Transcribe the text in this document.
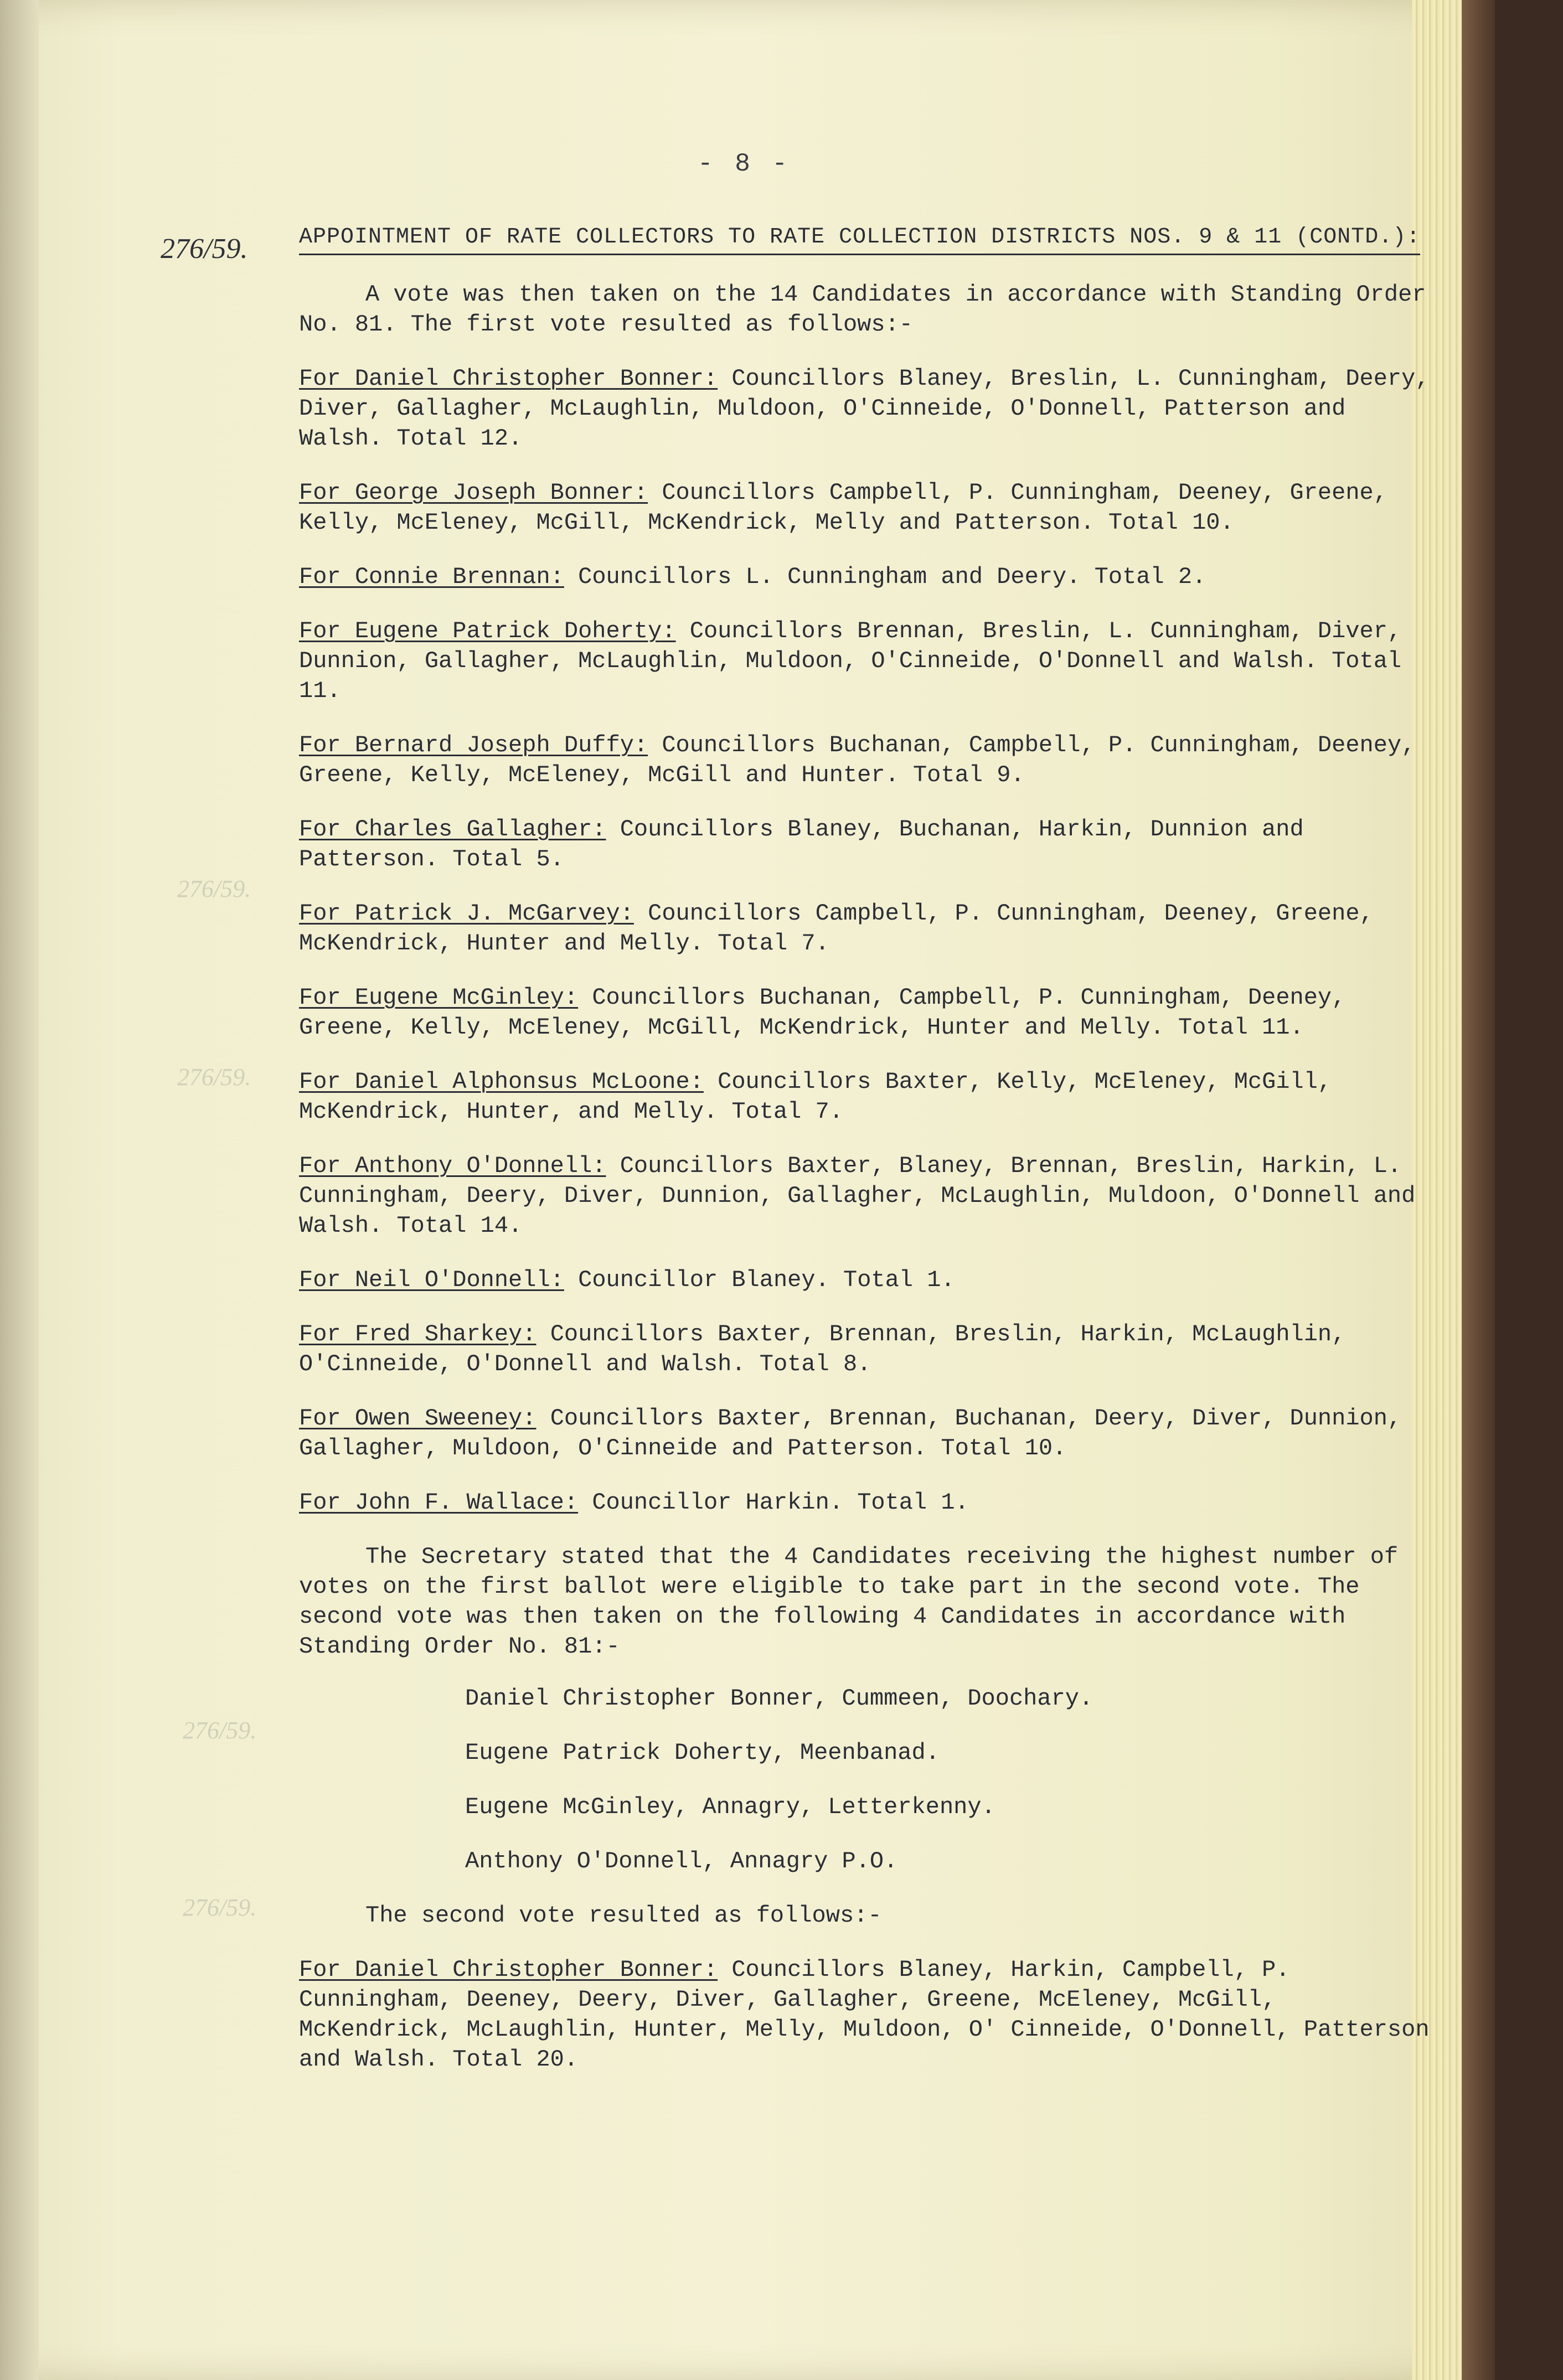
- 8 -
276/59.
276/59.
276/59.
276/59.
276/59.
APPOINTMENT OF RATE COLLECTORS TO RATE COLLECTION DISTRICTS NOS. 9 & 11 (CONTD.):

A vote was then taken on the 14 Candidates in accordance with Standing Order No. 81. The first vote resulted as follows:-

For Daniel Christopher Bonner: Councillors Blaney, Breslin, L. Cunningham, Deery, Diver, Gallagher, McLaughlin, Muldoon, O'Cinneide, O'Donnell, Patterson and Walsh. Total 12.

For George Joseph Bonner: Councillors Campbell, P. Cunningham, Deeney, Greene, Kelly, McEleney, McGill, McKendrick, Melly and Patterson. Total 10.

For Connie Brennan: Councillors L. Cunningham and Deery. Total 2.

For Eugene Patrick Doherty: Councillors Brennan, Breslin, L. Cunningham, Diver, Dunnion, Gallagher, McLaughlin, Muldoon, O'Cinneide, O'Donnell and Walsh. Total 11.

For Bernard Joseph Duffy: Councillors Buchanan, Campbell, P. Cunningham, Deeney, Greene, Kelly, McEleney, McGill and Hunter. Total 9.

For Charles Gallagher: Councillors Blaney, Buchanan, Harkin, Dunnion and Patterson. Total 5.

For Patrick J. McGarvey: Councillors Campbell, P. Cunningham, Deeney, Greene, McKendrick, Hunter and Melly. Total 7.

For Eugene McGinley: Councillors Buchanan, Campbell, P. Cunningham, Deeney, Greene, Kelly, McEleney, McGill, McKendrick, Hunter and Melly. Total 11.

For Daniel Alphonsus McLoone: Councillors Baxter, Kelly, McEleney, McGill, McKendrick, Hunter, and Melly. Total 7.

For Anthony O'Donnell: Councillors Baxter, Blaney, Brennan, Breslin, Harkin, L. Cunningham, Deery, Diver, Dunnion, Gallagher, McLaughlin, Muldoon, O'Donnell and Walsh. Total 14.

For Neil O'Donnell: Councillor Blaney. Total 1.

For Fred Sharkey: Councillors Baxter, Brennan, Breslin, Harkin, McLaughlin, O'Cinneide, O'Donnell and Walsh. Total 8.

For Owen Sweeney: Councillors Baxter, Brennan, Buchanan, Deery, Diver, Dunnion, Gallagher, Muldoon, O'Cinneide and Patterson. Total 10.

For John F. Wallace: Councillor Harkin. Total 1.

The Secretary stated that the 4 Candidates receiving the highest number of votes on the first ballot were eligible to take part in the second vote. The second vote was then taken on the following 4 Candidates in accordance with Standing Order No. 81:-

Daniel Christopher Bonner, Cummeen, Doochary.
Eugene Patrick Doherty, Meenbanad.
Eugene McGinley, Annagry, Letterkenny.
Anthony O'Donnell, Annagry P.O.

The second vote resulted as follows:-

For Daniel Christopher Bonner: Councillors Blaney, Harkin, Campbell, P. Cunningham, Deeney, Deery, Diver, Gallagher, Greene, McEleney, McGill, McKendrick, McLaughlin, Hunter, Melly, Muldoon, O' Cinneide, O'Donnell, Patterson and Walsh. Total 20.
